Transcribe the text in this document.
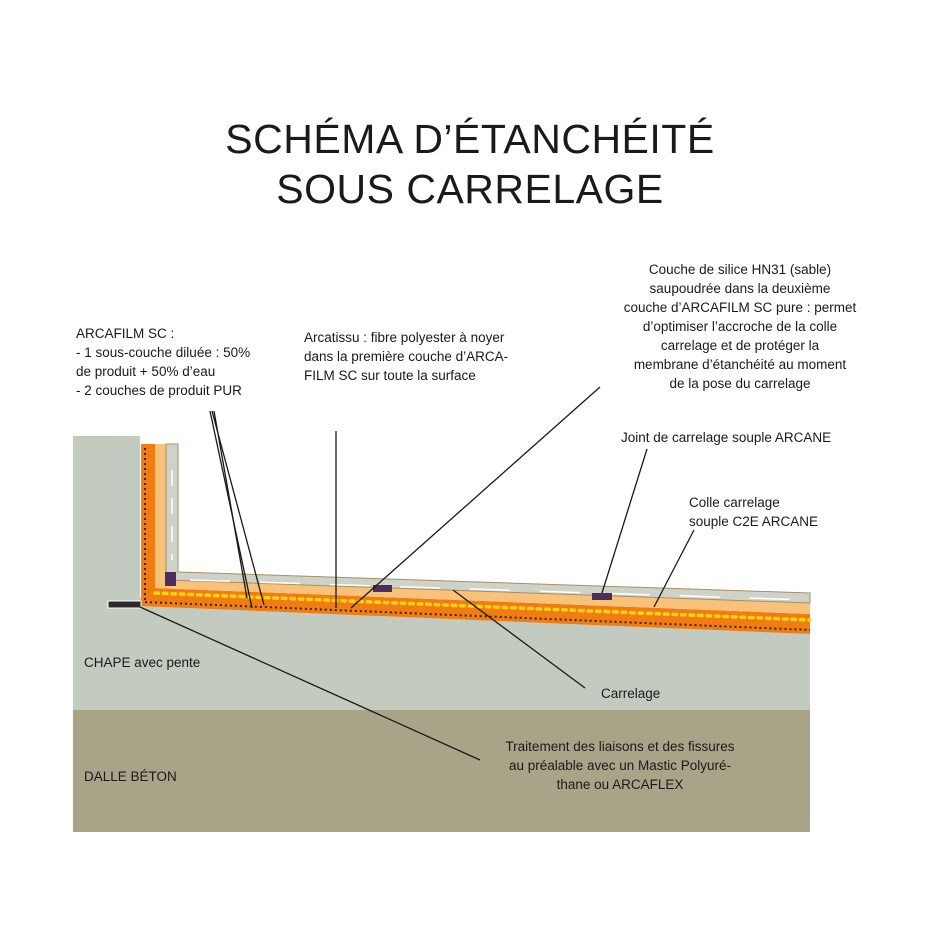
SCHÉMA D’ÉTANCHÉITÉ
SOUS CARRELAGE
ARCAFILM SC :
- 1 sous-couche diluée : 50%
de produit + 50% d’eau
- 2 couches de produit PUR
Arcatissu : fibre polyester à noyer
dans la première couche d’ARCA-
FILM SC sur toute la surface
Couche de silice HN31 (sable)
saupoudrée dans la deuxième
couche d’ARCAFILM SC pure : permet
d’optimiser l’accroche de la colle
carrelage et de protéger la
membrane d’étanchéité au moment
de la pose du carrelage
Joint de carrelage souple ARCANE
Colle carrelage
souple C2E ARCANE
CHAPE avec pente
Carrelage
DALLE BÉTON
Traitement des liaisons et des fissures
au préalable avec un Mastic Polyuré-
thane ou ARCAFLEX
